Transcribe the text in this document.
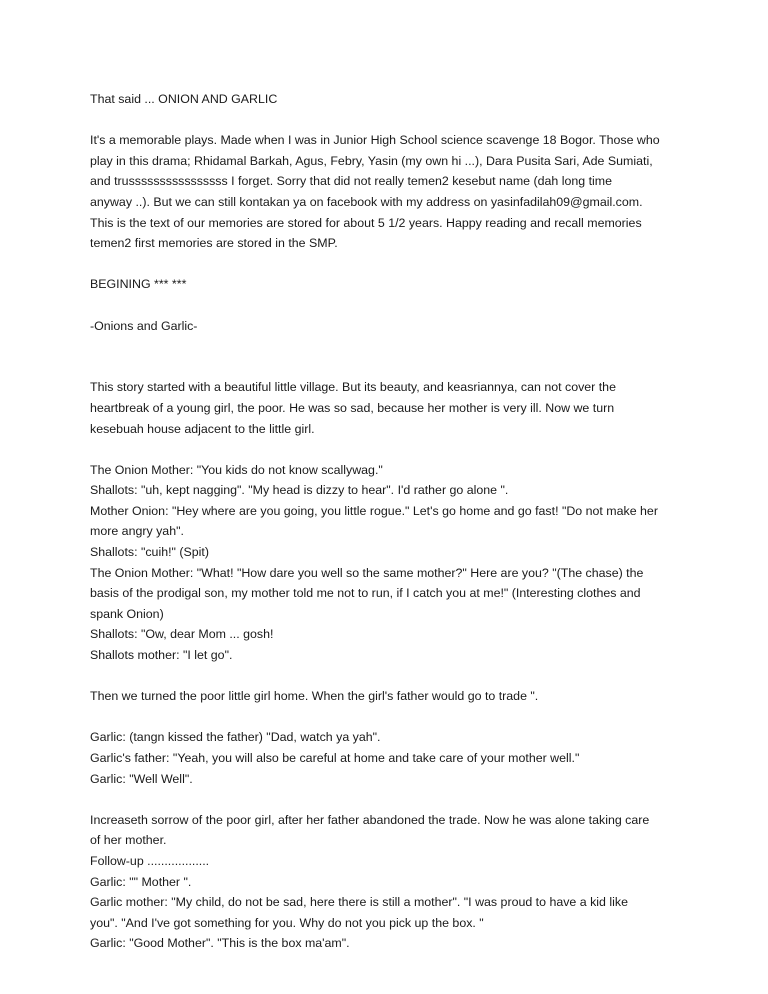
That said ... ONION AND GARLIC

It's a memorable plays. Made when I was in Junior High School science scavenge 18 Bogor. Those who
play in this drama; Rhidamal Barkah, Agus, Febry, Yasin (my own hi ...), Dara Pusita Sari, Ade Sumiati,
and trussssssssssssssss I forget. Sorry that did not really temen2 kesebut name (dah long time
anyway ..). But we can still kontakan ya on facebook with my address on yasinfadilah09@gmail.com.
This is the text of our memories are stored for about 5 1/2 years. Happy reading and recall memories
temen2 first memories are stored in the SMP.

BEGINING *** ***

-Onions and Garlic-

This story started with a beautiful little village. But its beauty, and keasriannya, can not cover the
heartbreak of a young girl, the poor. He was so sad, because her mother is very ill. Now we turn
kesebuah house adjacent to the little girl.

The Onion Mother: "You kids do not know scallywag."
Shallots: "uh, kept nagging". "My head is dizzy to hear". I'd rather go alone ".
Mother Onion: "Hey where are you going, you little rogue." Let's go home and go fast! "Do not make her
more angry yah".
Shallots: "cuih!" (Spit)
The Onion Mother: "What! "How dare you well so the same mother?" Here are you? "(The chase) the
basis of the prodigal son, my mother told me not to run, if I catch you at me!" (Interesting clothes and
spank Onion)
Shallots: "Ow, dear Mom ... gosh!
Shallots mother: "I let go".

Then we turned the poor little girl home. When the girl's father would go to trade ".

Garlic: (tangn kissed the father) "Dad, watch ya yah".
Garlic's father: "Yeah, you will also be careful at home and take care of your mother well."
Garlic: "Well Well".

Increaseth sorrow of the poor girl, after her father abandoned the trade. Now he was alone taking care
of her mother.
Follow-up ..................
Garlic: "" Mother ".
Garlic mother: "My child, do not be sad, here there is still a mother". "I was proud to have a kid like
you". "And I've got something for you. Why do not you pick up the box. "
Garlic: "Good Mother". "This is the box ma'am".
